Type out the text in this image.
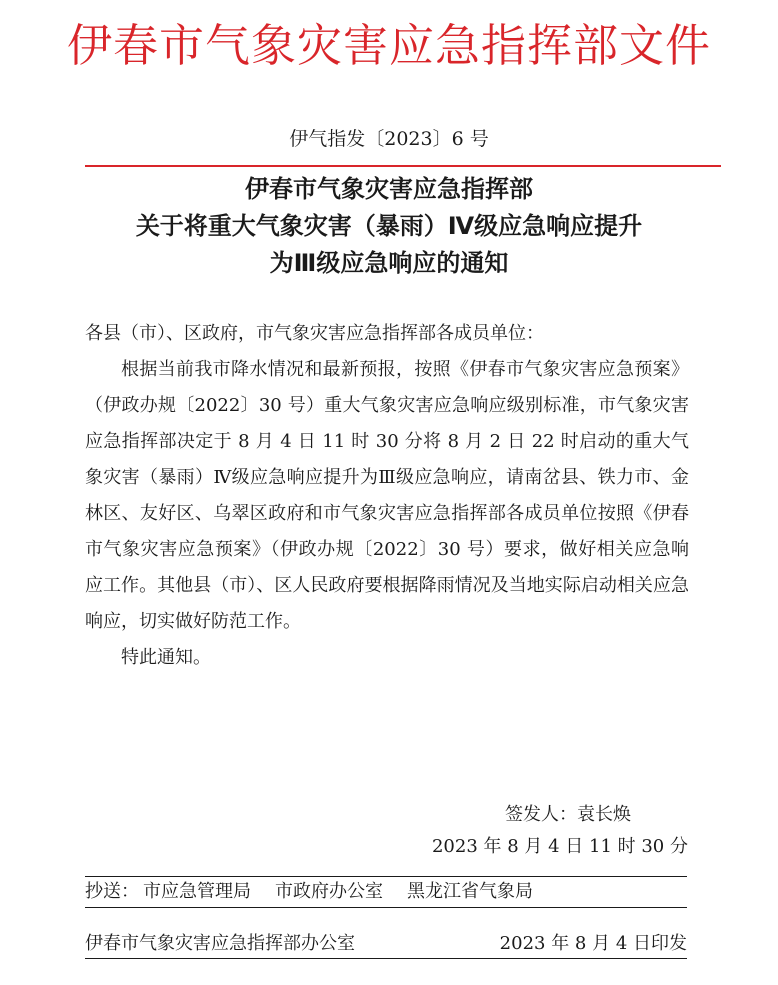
伊春市气象灾害应急指挥部文件
伊气指发〔2023〕6 号
伊春市气象灾害应急指挥部
关于将重大气象灾害（暴雨）Ⅳ级应急响应提升
为Ⅲ级应急响应的通知
各县（市）、区政府，市气象灾害应急指挥部各成员单位：
根据当前我市降水情况和最新预报，按照《伊春市气象灾害应急预案》（伊政办规〔2022〕30 号）重大气象灾害应急响应级别标准，市气象灾害应急指挥部决定于 8 月 4 日 11 时 30 分将 8 月 2 日 22 时启动的重大气象灾害（暴雨）Ⅳ级应急响应提升为Ⅲ级应急响应，请南岔县、铁力市、金林区、友好区、乌翠区政府和市气象灾害应急指挥部各成员单位按照《伊春市气象灾害应急预案》（伊政办规〔2022〕30 号）要求，做好相关应急响应工作。其他县（市）、区人民政府要根据降雨情况及当地实际启动相关应急响应，切实做好防范工作。
特此通知。
签发人：袁长焕
2023 年 8 月 4 日 11 时 30 分
抄送： 市应急管理局 市政府办公室 黑龙江省气象局
伊春市气象灾害应急指挥部办公室	2023 年 8 月 4 日印发
